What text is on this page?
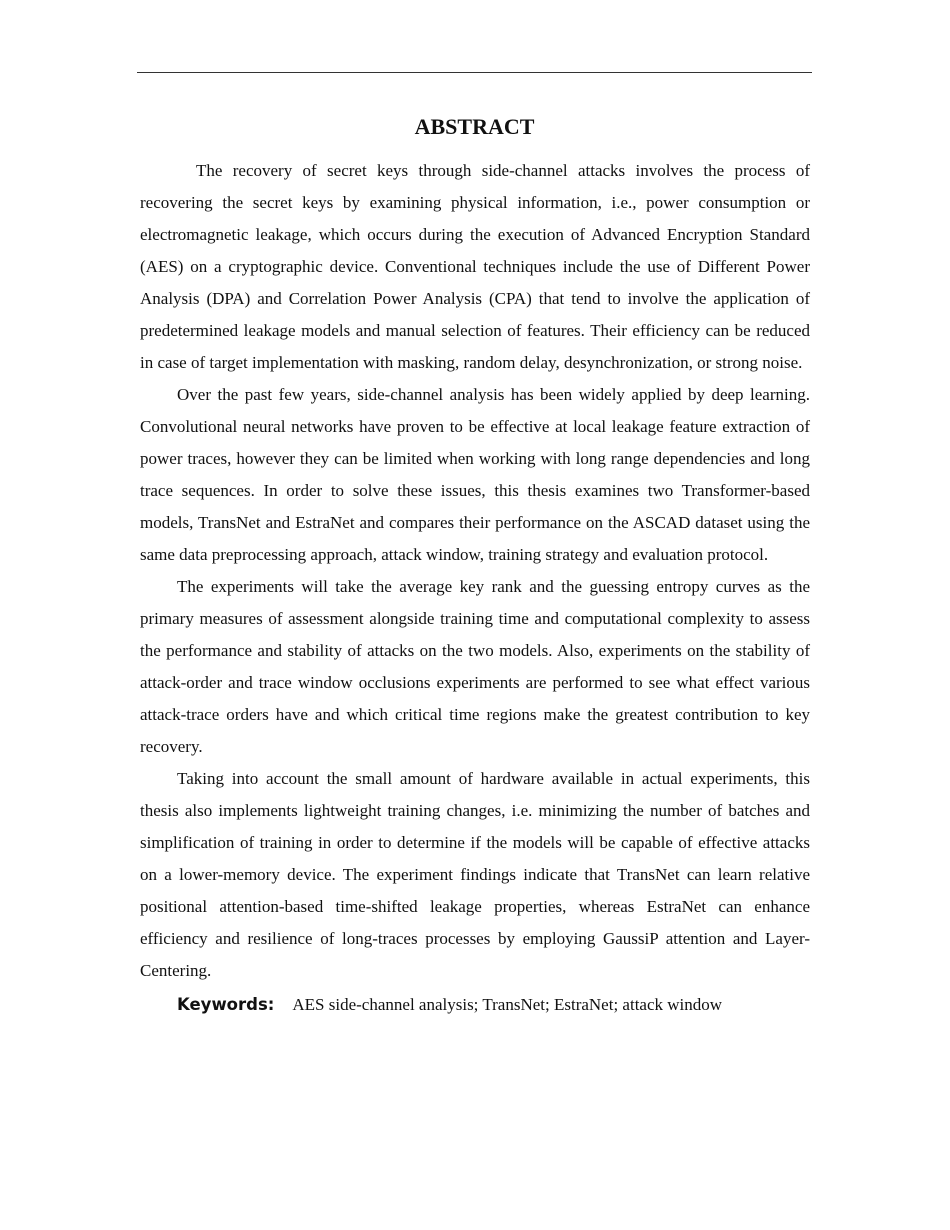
ABSTRACT

The recovery of secret keys through side-channel attacks involves the process of recovering the secret keys by examining physical information, i.e., power consumption or electromagnetic leakage, which occurs during the execution of Advanced Encryption Standard (AES) on a cryptographic device. Conventional techniques include the use of Different Power Analysis (DPA) and Correlation Power Analysis (CPA) that tend to involve the application of predetermined leakage models and manual selection of features. Their efficiency can be reduced in case of target implementation with masking, random delay, desynchronization, or strong noise.

Over the past few years, side-channel analysis has been widely applied by deep learning. Convolutional neural networks have proven to be effective at local leakage feature extraction of power traces, however they can be limited when working with long range dependencies and long trace sequences. In order to solve these issues, this thesis examines two Transformer-based models, TransNet and EstraNet and compares their performance on the ASCAD dataset using the same data preprocessing approach, attack window, training strategy and evaluation protocol.

The experiments will take the average key rank and the guessing entropy curves as the primary measures of assessment alongside training time and computational complexity to assess the performance and stability of attacks on the two models. Also, experiments on the stability of attack-order and trace window occlusions experiments are performed to see what effect various attack-trace orders have and which critical time regions make the greatest contribution to key recovery.

Taking into account the small amount of hardware available in actual experiments, this thesis also implements lightweight training changes, i.e. minimizing the number of batches and simplification of training in order to determine if the models will be capable of effective attacks on a lower-memory device. The experiment findings indicate that TransNet can learn relative positional attention-based time-shifted leakage properties, whereas EstraNet can enhance efficiency and resilience of long-traces processes by employing GaussiP attention and Layer-Centering.

Keywords: AES side-channel analysis; TransNet; EstraNet; attack window
